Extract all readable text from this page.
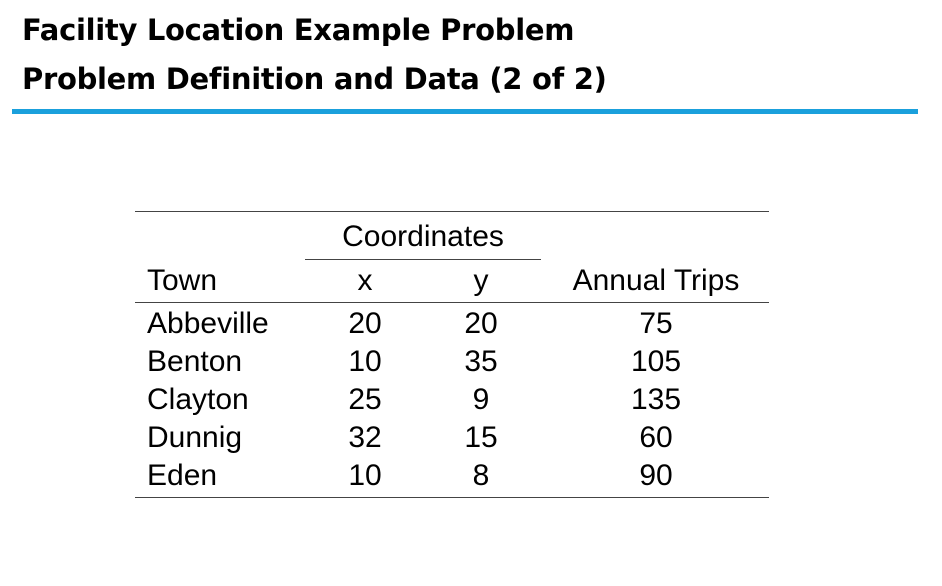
Facility Location Example Problem
Problem Definition and Data (2 of 2)
Coordinates
Town	x	y	Annual Trips
Abbeville	20	20	75
Benton	10	35	105
Clayton	25	9	135
Dunnig	32	15	60
Eden	10	8	90
